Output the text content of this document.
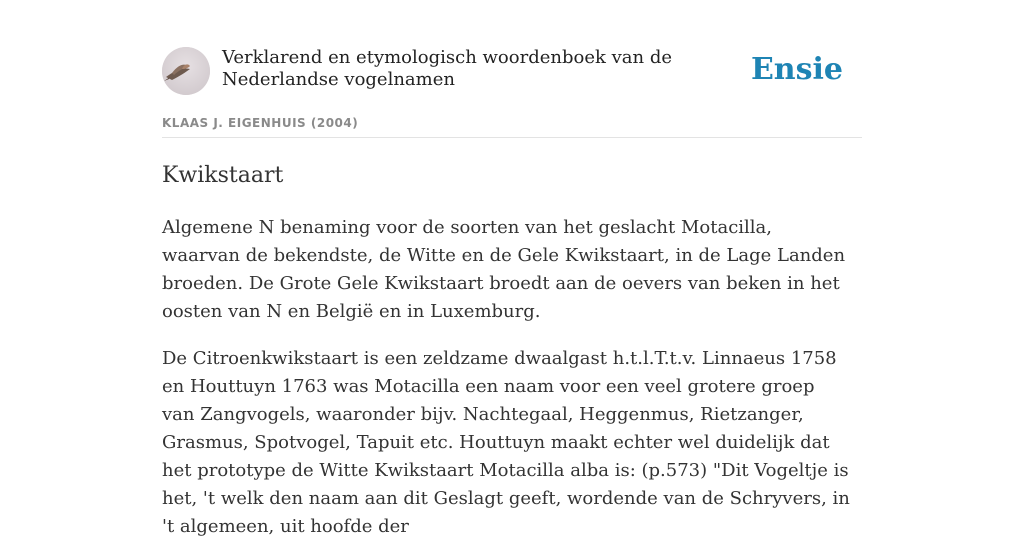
Verklarend en etymologisch woordenboek van de Nederlandse vogelnamen	Ensie
KLAAS J. EIGENHUIS (2004)
Kwikstaart

Algemene N benaming voor de soorten van het geslacht Motacilla, waarvan de bekendste, de Witte en de Gele Kwikstaart, in de Lage Landen broeden. De Grote Gele Kwikstaart broedt aan de oevers van beken in het oosten van N en België en in Luxemburg.

De Citroenkwikstaart is een zeldzame dwaalgast h.t.l.T.t.v. Linnaeus 1758 en Houttuyn 1763 was Motacilla een naam voor een veel grotere groep van Zangvogels, waaronder bijv. Nachtegaal, Heggenmus, Rietzanger, Grasmus, Spotvogel, Tapuit etc. Houttuyn maakt echter wel duidelijk dat het prototype de Witte Kwikstaart Motacilla alba is: (p.573) "Dit Vogeltje is het, 't welk den naam aan dit Geslagt geeft, wordende van de Schryvers, in 't algemeen, uit hoofde der
